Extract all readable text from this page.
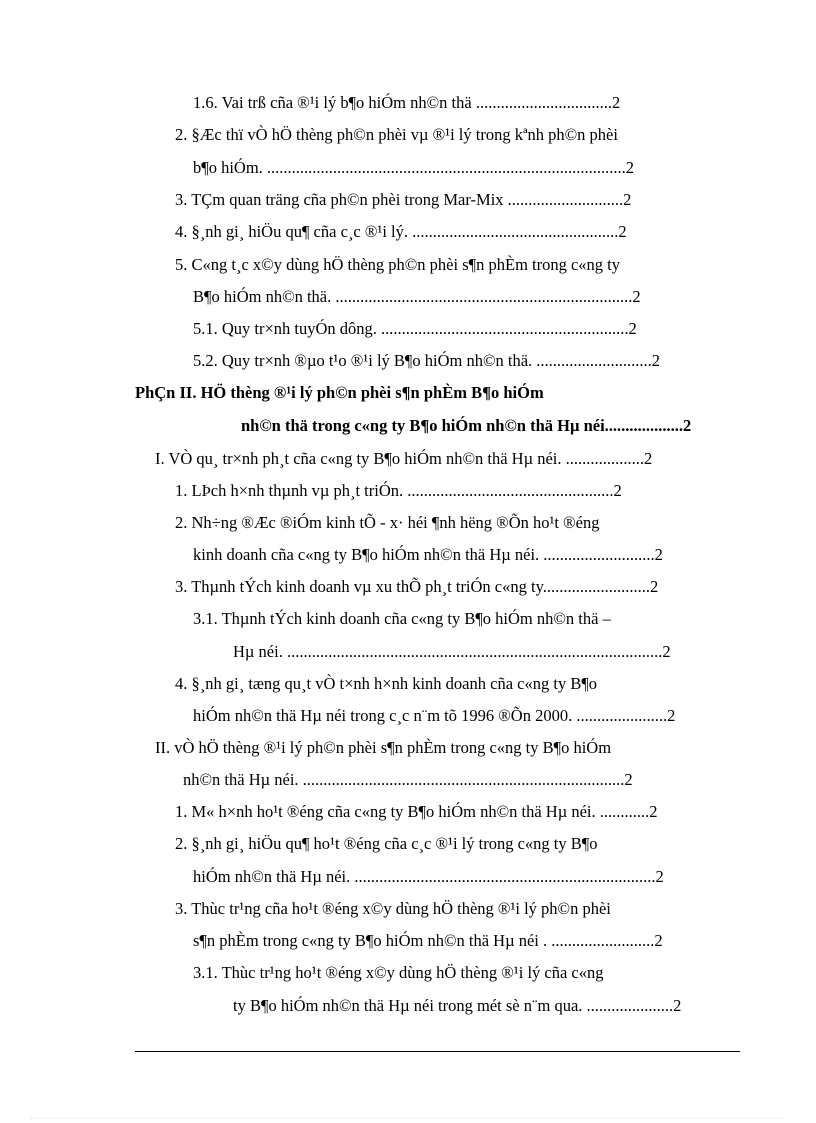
1.6. Vai trß cña ®¹i lý b¶o hiÓm nh©n thä .................................2
2. §Æc thï vÒ hÖ thèng ph©n phèi vµ ®¹i lý trong kªnh ph©n phèi
b¶o hiÓm. .......................................................................................2
3. TÇm quan träng cña ph©n phèi trong Mar-Mix ............................2
4. §¸nh gi¸ hiÖu qu¶ cña c¸c ®¹i lý. ..................................................2
5. C«ng t¸c x©y dùng hÖ thèng ph©n phèi s¶n phÈm trong c«ng ty
B¶o hiÓm nh©n thä. ........................................................................2
5.1. Quy tr×nh tuyÓn dông. ............................................................2
5.2. Quy tr×nh ®µo t¹o ®¹i lý B¶o hiÓm nh©n thä. ............................2
PhÇn II. HÖ thèng ®¹i lý ph©n phèi s¶n phÈm B¶o hiÓm
nh©n thä trong c«ng ty B¶o hiÓm nh©n thä Hµ néi...................2
I. VÒ qu¸ tr×nh ph¸t cña c«ng ty B¶o hiÓm nh©n thä Hµ néi. ...................2
1. LÞch h×nh thµnh vµ ph¸t triÓn. ..................................................2
2. Nh÷ng ®Æc ®iÓm kinh tÕ - x· héi ¶nh hëng ®Õn ho¹t ®éng
kinh doanh cña c«ng ty B¶o hiÓm nh©n thä Hµ néi. ...........................2
3. Thµnh tÝch kinh doanh vµ xu thÕ ph¸t triÓn c«ng ty..........................2
3.1. Thµnh tÝch kinh doanh cña c«ng ty B¶o hiÓm nh©n thä –
Hµ néi. ...........................................................................................2
4. §¸nh gi¸ tæng qu¸t vÒ t×nh h×nh kinh doanh cña c«ng ty B¶o
hiÓm nh©n thä Hµ néi trong c¸c n¨m tõ 1996 ®Õn 2000. ......................2
II. vÒ hÖ thèng ®¹i lý ph©n phèi s¶n phÈm trong c«ng ty B¶o hiÓm
nh©n thä Hµ néi. ..............................................................................2
1. M« h×nh ho¹t ®éng cña c«ng ty B¶o hiÓm nh©n thä Hµ néi. ............2
2. §¸nh gi¸ hiÖu qu¶ ho¹t ®éng cña c¸c ®¹i lý trong c«ng ty B¶o
hiÓm nh©n thä Hµ néi. .........................................................................2
3. Thùc tr¹ng cña ho¹t ®éng x©y dùng hÖ thèng ®¹i lý ph©n phèi
s¶n phÈm trong c«ng ty B¶o hiÓm nh©n thä Hµ néi . .........................2
3.1. Thùc tr¹ng ho¹t ®éng x©y dùng hÖ thèng ®¹i lý cña c«ng
ty B¶o hiÓm nh©n thä Hµ néi trong mét sè n¨m qua. .....................2
